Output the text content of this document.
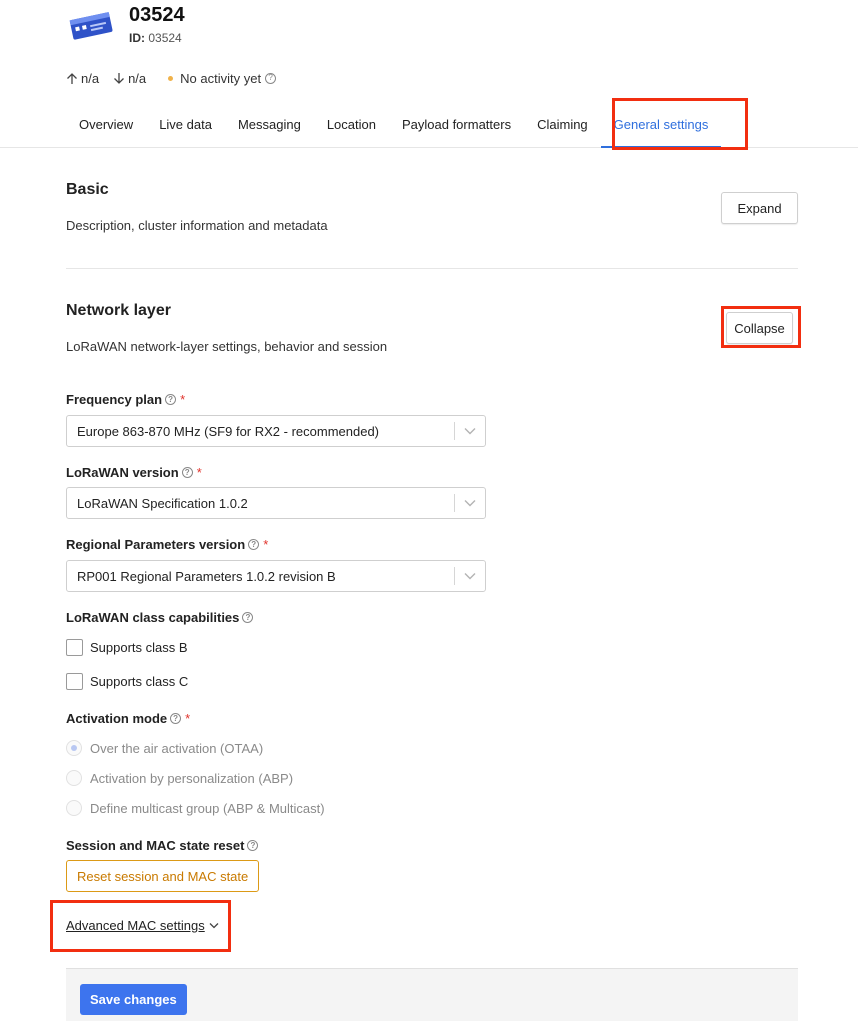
03524
ID: 03524
n/a n/a	No activity yet ?
Overview	Live data	Messaging	Location	Payload formatters	Claiming	General settings
Basic
Description, cluster information and metadata
Expand
Network layer
LoRaWAN network-layer settings, behavior and session
Collapse
Frequency plan ? *
Europe 863-870 MHz (SF9 for RX2 - recommended)
LoRaWAN version ? *
LoRaWAN Specification 1.0.2
Regional Parameters version ? *
RP001 Regional Parameters 1.0.2 revision B
LoRaWAN class capabilities ?
Supports class B
Supports class C
Activation mode ? *
Over the air activation (OTAA)
Activation by personalization (ABP)
Define multicast group (ABP & Multicast)
Session and MAC state reset ?
Reset session and MAC state
Advanced MAC settings
Save changes
